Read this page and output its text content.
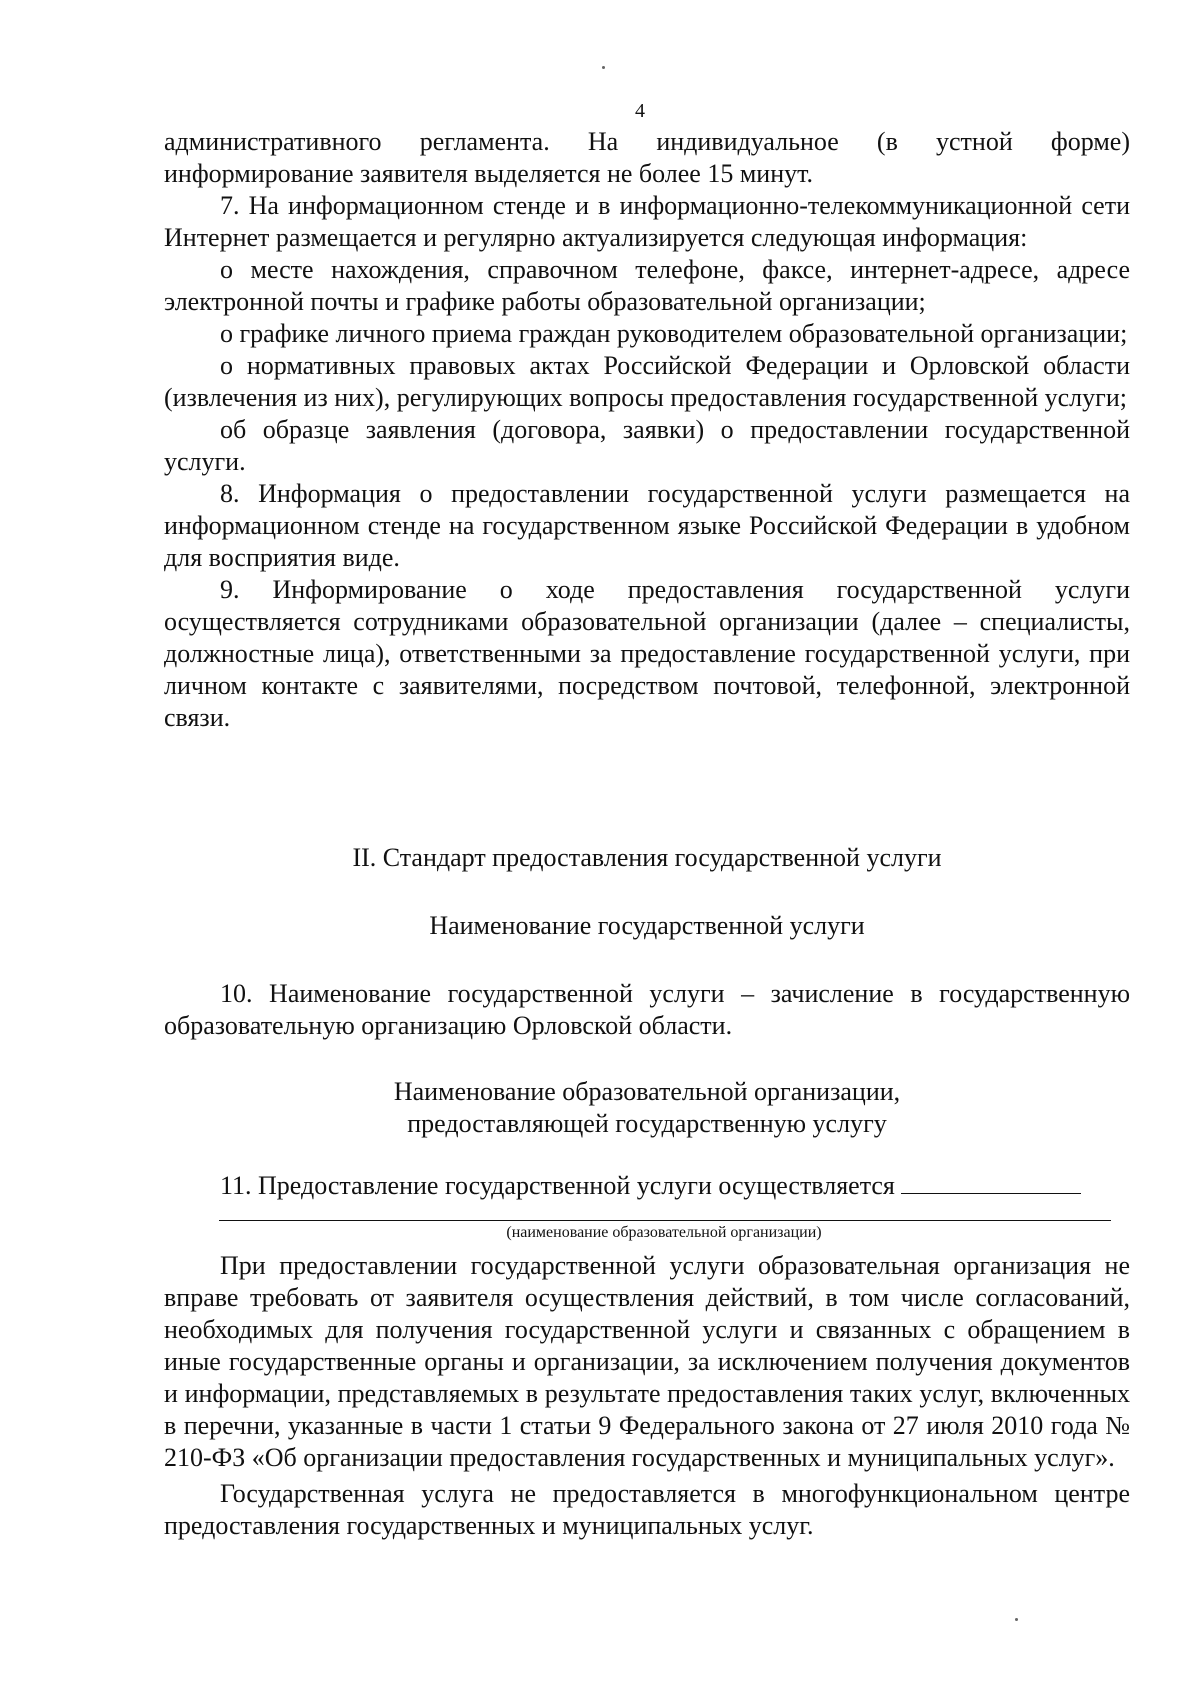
4

административного регламента. На индивидуальное (в устной форме) информирование заявителя выделяется не более 15 минут.

7. На информационном стенде и в информационно-телекоммуникационной сети Интернет размещается и регулярно актуализируется следующая информация:

о месте нахождения, справочном телефоне, факсе, интернет-адресе, адресе электронной почты и графике работы образовательной организации;

о графике личного приема граждан руководителем образовательной организации;

о нормативных правовых актах Российской Федерации и Орловской области (извлечения из них), регулирующих вопросы предоставления государственной услуги;

об образце заявления (договора, заявки) о предоставлении государственной услуги.

8. Информация о предоставлении государственной услуги размещается на информационном стенде на государственном языке Российской Федерации в удобном для восприятия виде.

9. Информирование о ходе предоставления государственной услуги осуществляется сотрудниками образовательной организации (далее – специалисты, должностные лица), ответственными за предоставление государственной услуги, при личном контакте с заявителями, посредством почтовой, телефонной, электронной связи.

II. Стандарт предоставления государственной услуги
Наименование государственной услуги

10. Наименование государственной услуги – зачисление в государственную образовательную организацию Орловской области.

Наименование образовательной организации,
предоставляющей государственную услугу

11. Предоставление государственной услуги осуществляется

(наименование образовательной организации)

При предоставлении государственной услуги образовательная организация не вправе требовать от заявителя осуществления действий, в том числе согласований, необходимых для получения государственной услуги и связанных с обращением в иные государственные органы и организации, за исключением получения документов и информации, представляемых в результате предоставления таких услуг, включенных в перечни, указанные в части 1 статьи 9 Федерального закона от 27 июля 2010 года № 210-ФЗ «Об организации предоставления государственных и муниципальных услуг».

Государственная услуга не предоставляется в многофункциональном центре предоставления государственных и муниципальных услуг.
